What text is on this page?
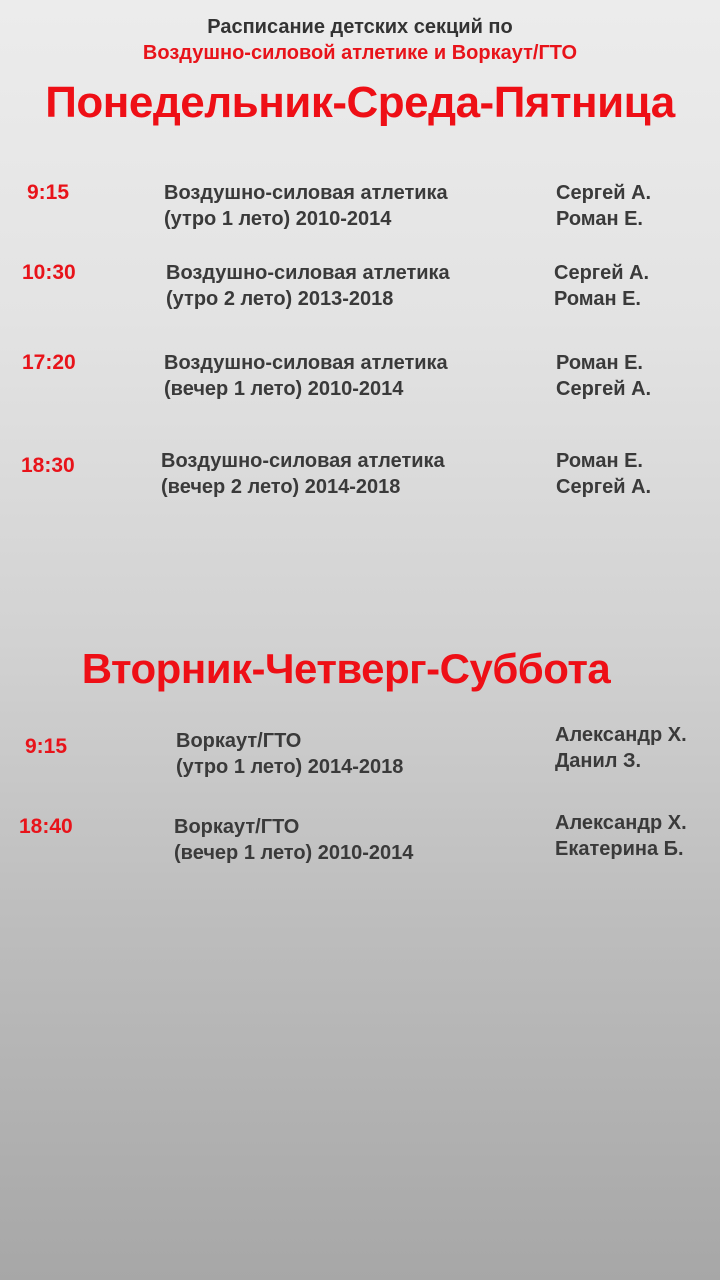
Расписание детских секций по
Воздушно-силовой атлетике и Воркаут/ГТО
Понедельник-Среда-Пятница
9:15	Воздушно-силовая атлетика
(утро 1 лето) 2010-2014
Сергей А.
Роман Е.
10:30	Воздушно-силовая атлетика
(утро 2 лето) 2013-2018
Сергей А.
Роман Е.
17:20	Воздушно-силовая атлетика
(вечер 1 лето) 2010-2014
Роман Е.
Сергей А.
18:30	Воздушно-силовая атлетика
(вечер 2 лето) 2014-2018
Роман Е.
Сергей А.
Вторник-Четверг-Суббота
9:15	Воркаут/ГТО
(утро 1 лето) 2014-2018
Александр Х.
Данил З.
18:40	Воркаут/ГТО
(вечер 1 лето) 2010-2014
Александр Х.
Екатерина Б.
